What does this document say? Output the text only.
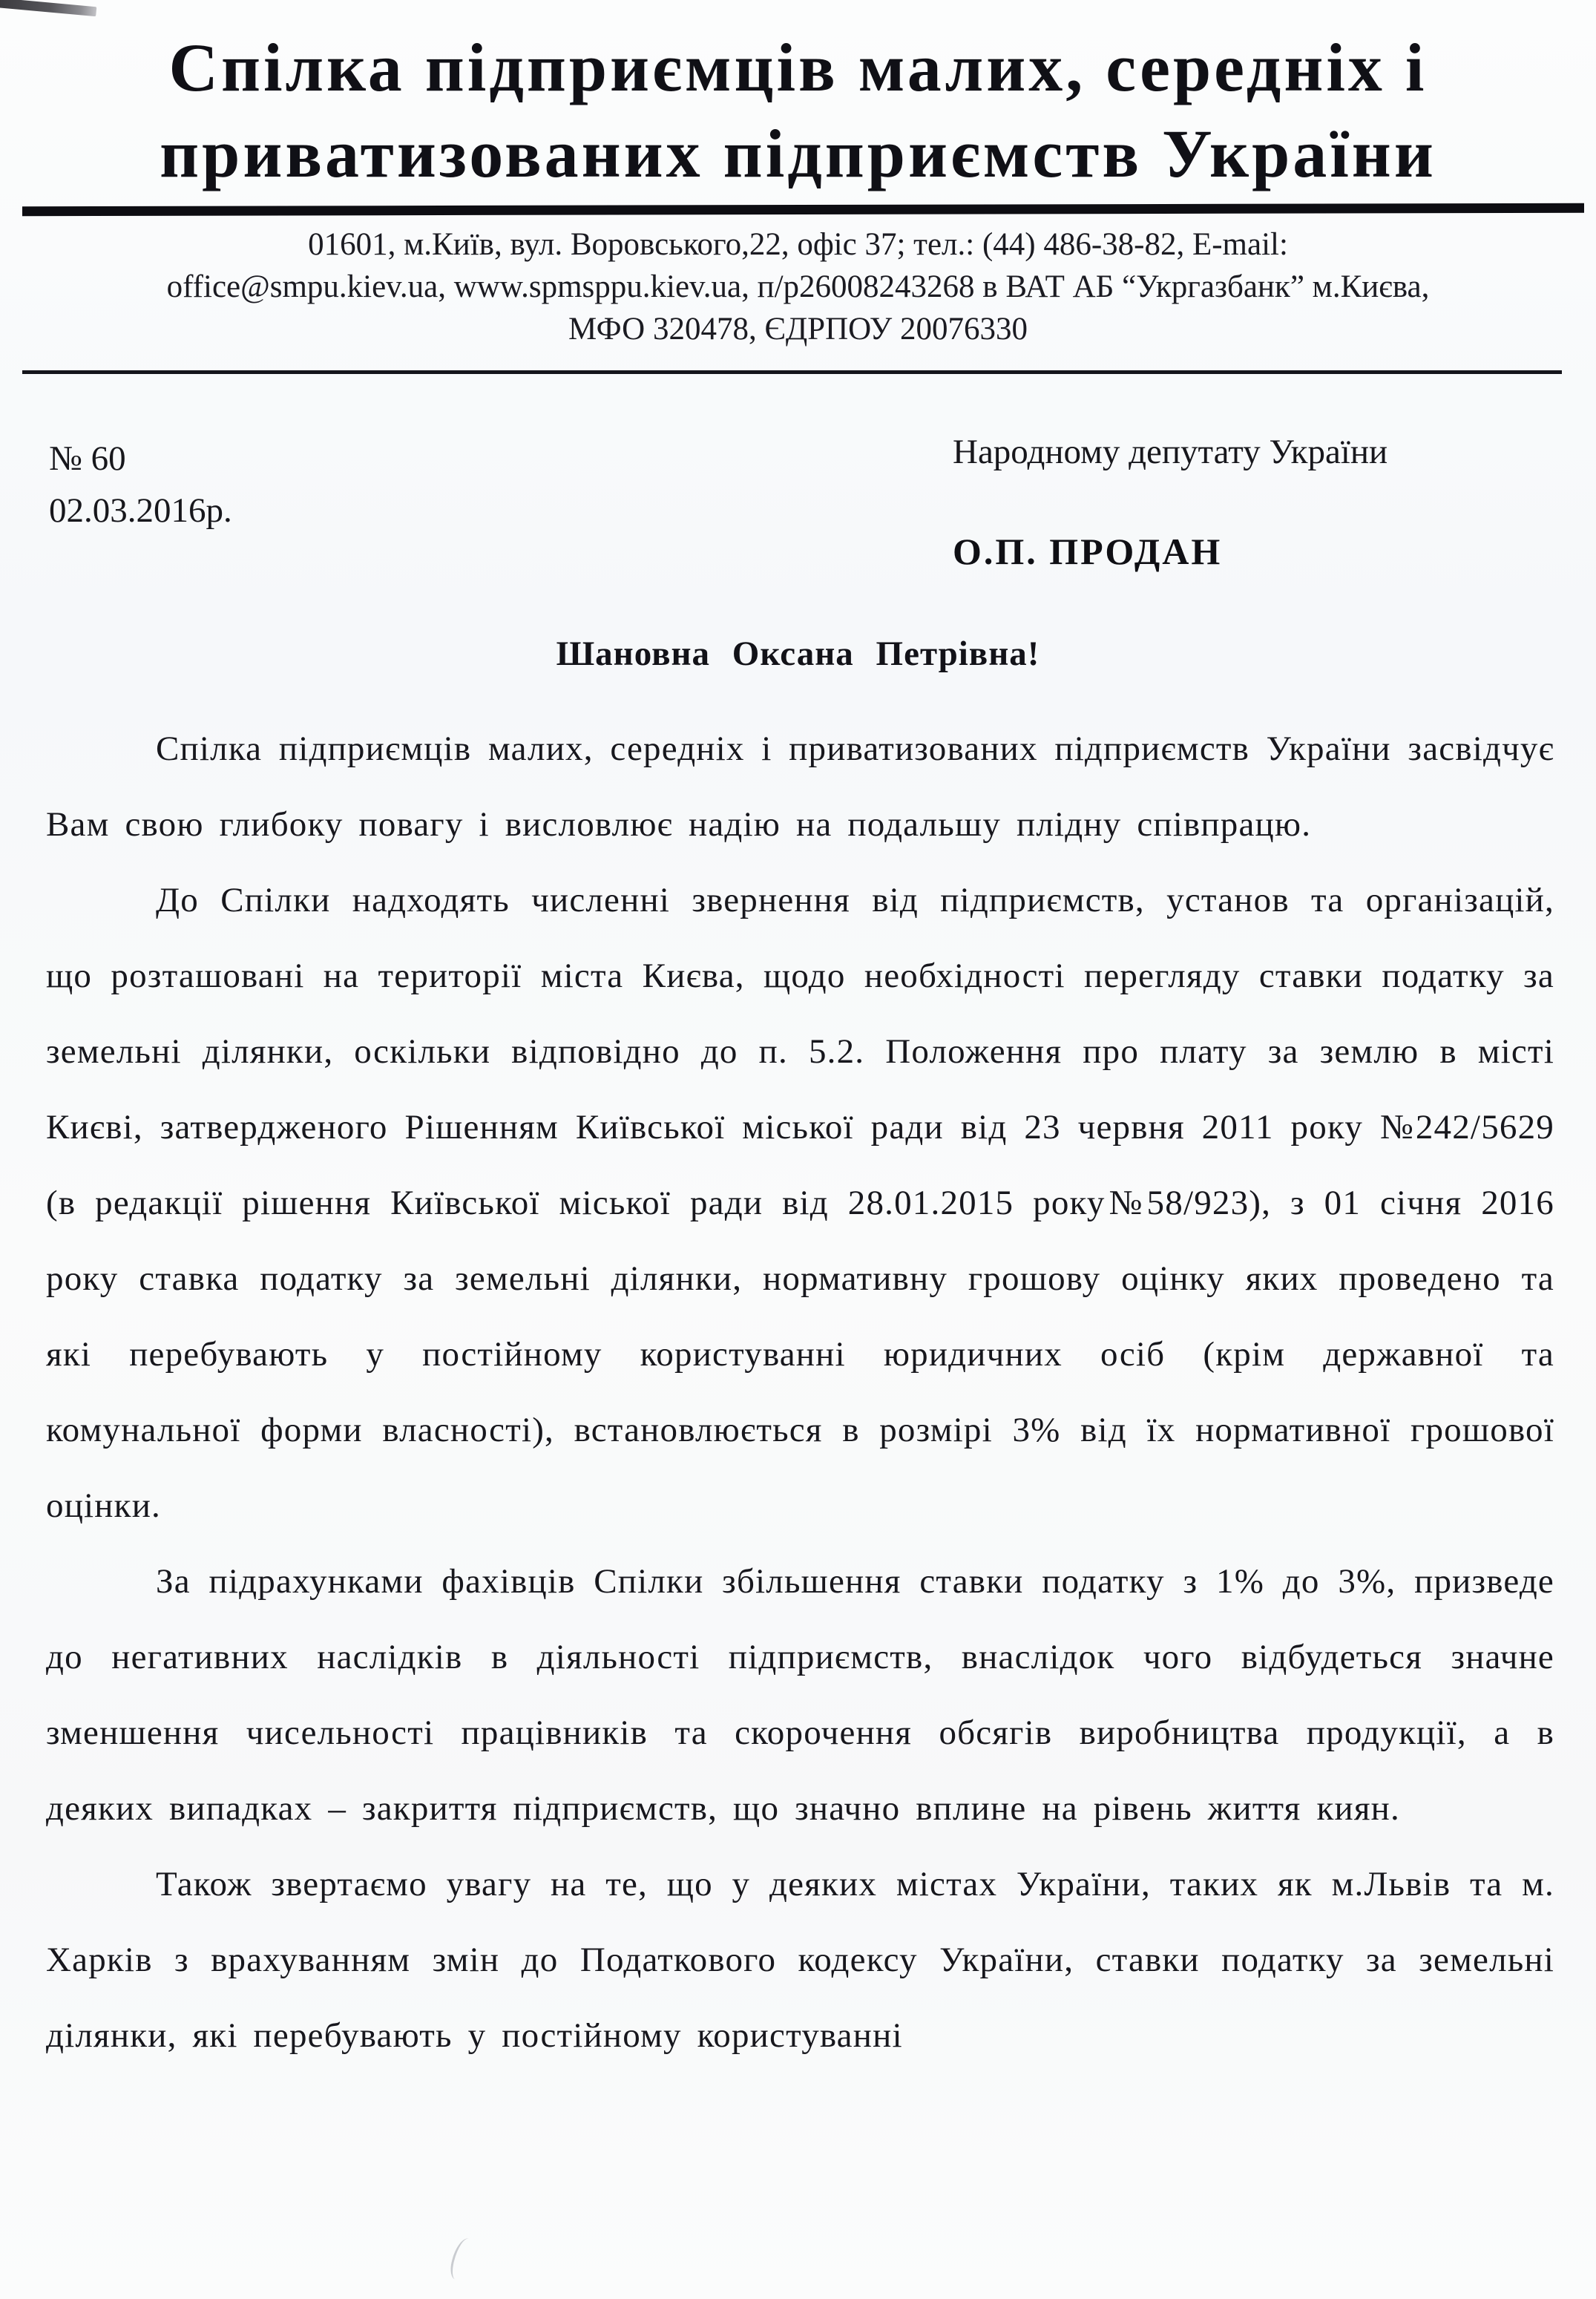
Спілка підприємців малих, середніх і
приватизованих підприємств України
01601, м.Київ, вул. Воровського,22, офіс 37; тел.: (44) 486-38-82, E-mail:
office@smpu.kiev.ua, www.spmsppu.kiev.ua, п/р26008243268 в ВАТ АБ “Укргазбанк” м.Києва,
МФО 320478, ЄДРПОУ 20076330
№ 60
02.03.2016р.
Народному депутату України
О.П. ПРОДАН
Шановна Оксана Петрівна!

Спілка підприємців малих, середніх і приватизованих підприємств України засвідчує Вам свою глибоку повагу і висловлює надію на подальшу плідну співпрацю.

До Спілки надходять численні звернення від підприємств, установ та організацій, що розташовані на території міста Києва, щодо необхідності перегляду ставки податку за земельні ділянки, оскільки відповідно до п. 5.2. Положення про плату за землю в місті Києві, затвердженого Рішенням Київської міської ради від 23 червня 2011 року №242/5629 (в редакції рішення Київської міської ради від 28.01.2015 року№58/923), з 01 січня 2016 року ставка податку за земельні ділянки, нормативну грошову оцінку яких проведено та які перебувають у постійному користуванні юридичних осіб (крім державної та комунальної форми власності), встановлюється в розмірі 3% від їх нормативної грошової оцінки.

За підрахунками фахівців Спілки збільшення ставки податку з 1% до 3%, призведе до негативних наслідків в діяльності підприємств, внаслідок чого відбудеться значне зменшення чисельності працівників та скорочення обсягів виробництва продукції, а в деяких випадках – закриття підприємств, що значно вплине на рівень життя киян.

Також звертаємо увагу на те, що у деяких містах України, таких як м.Львів та м. Харків з врахуванням змін до Податкового кодексу України, ставки податку за земельні ділянки, які перебувають у постійному користуванні
